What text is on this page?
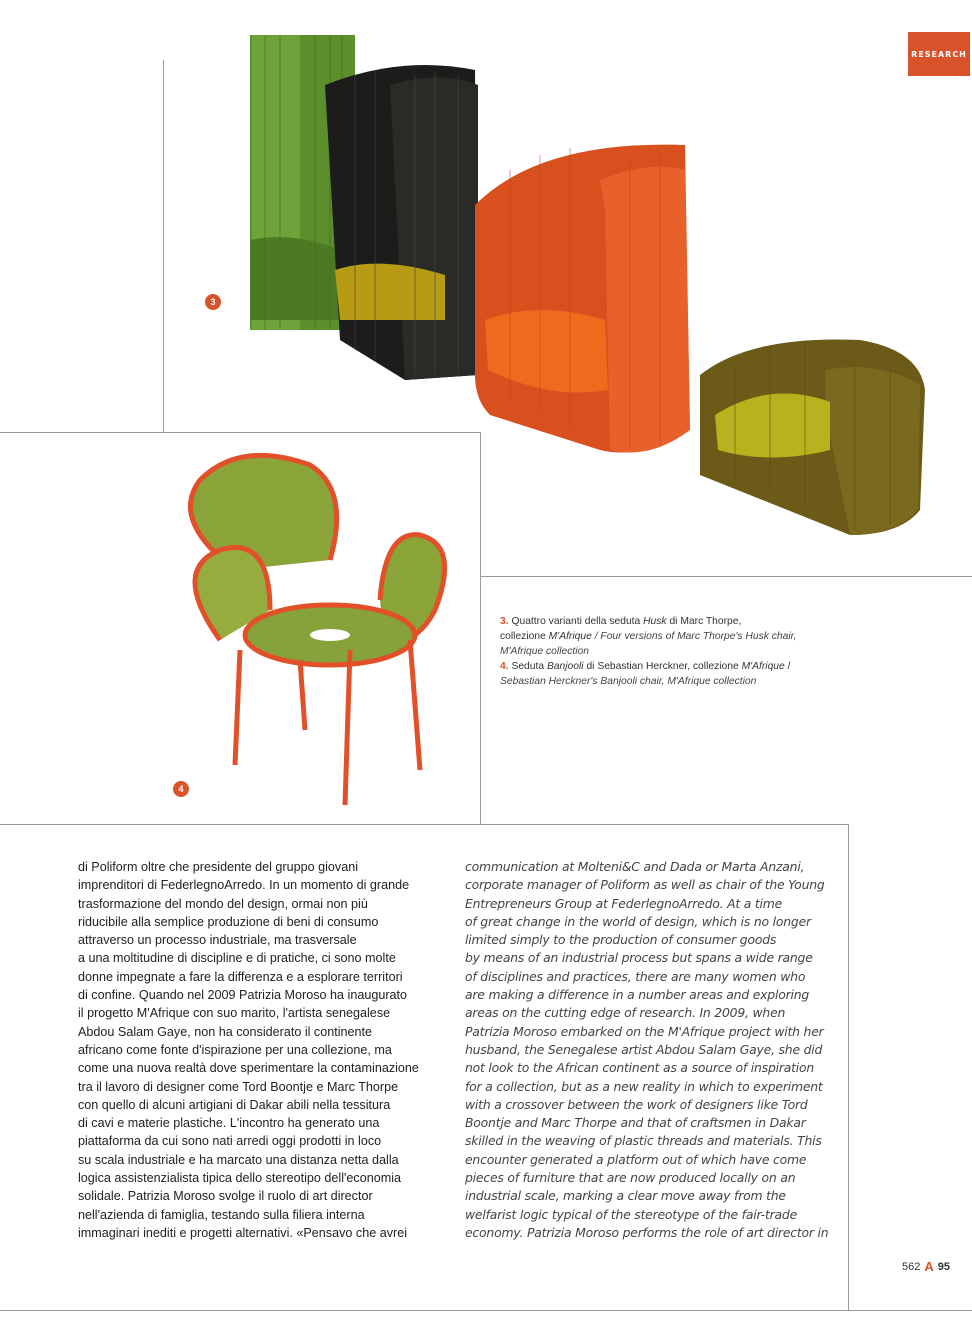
RESEARCH
3
4
3. Quattro varianti della seduta Husk di Marc Thorpe,
collezione M'Afrique / Four versions of Marc Thorpe's Husk chair,
M'Afrique collection
4. Seduta Banjooli di Sebastian Herckner, collezione M'Afrique /
Sebastian Herckner's Banjooli chair, M'Afrique collection
di Poliform oltre che presidente del gruppo giovani
imprenditori di FederlegnoArredo. In un momento di grande
trasformazione del mondo del design, ormai non più
riducibile alla semplice produzione di beni di consumo
attraverso un processo industriale, ma trasversale
a una moltitudine di discipline e di pratiche, ci sono molte
donne impegnate a fare la differenza e a esplorare territori
di confine. Quando nel 2009 Patrizia Moroso ha inaugurato
il progetto M'Afrique con suo marito, l'artista senegalese
Abdou Salam Gaye, non ha considerato il continente
africano come fonte d'ispirazione per una collezione, ma
come una nuova realtà dove sperimentare la contaminazione
tra il lavoro di designer come Tord Boontje e Marc Thorpe
con quello di alcuni artigiani di Dakar abili nella tessitura
di cavi e materie plastiche. L'incontro ha generato una
piattaforma da cui sono nati arredi oggi prodotti in loco
su scala industriale e ha marcato una distanza netta dalla
logica assistenzialista tipica dello stereotipo dell'economia
solidale. Patrizia Moroso svolge il ruolo di art director
nell'azienda di famiglia, testando sulla filiera interna
immaginari inediti e progetti alternativi. «Pensavo che avrei
communication at Molteni&C and Dada or Marta Anzani,
corporate manager of Poliform as well as chair of the Young
Entrepreneurs Group at FederlegnoArredo. At a time
of great change in the world of design, which is no longer
limited simply to the production of consumer goods
by means of an industrial process but spans a wide range
of disciplines and practices, there are many women who
are making a difference in a number areas and exploring
areas on the cutting edge of research. In 2009, when
Patrizia Moroso embarked on the M'Afrique project with her
husband, the Senegalese artist Abdou Salam Gaye, she did
not look to the African continent as a source of inspiration
for a collection, but as a new reality in which to experiment
with a crossover between the work of designers like Tord
Boontje and Marc Thorpe and that of craftsmen in Dakar
skilled in the weaving of plastic threads and materials. This
encounter generated a platform out of which have come
pieces of furniture that are now produced locally on an
industrial scale, marking a clear move away from the
welfarist logic typical of the stereotype of the fair-trade
economy. Patrizia Moroso performs the role of art director in
562 A 95
